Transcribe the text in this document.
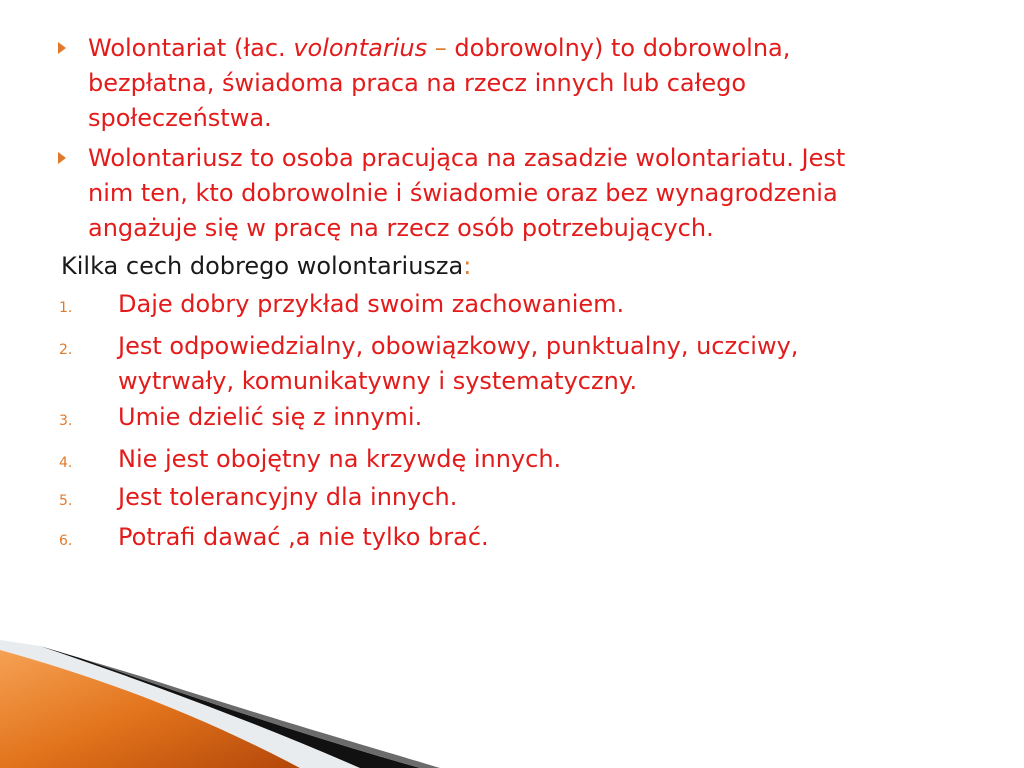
Wolontariat (łac. volontarius – dobrowolny) to dobrowolna,
bezpłatna, świadoma praca na rzecz innych lub całego
społeczeństwa.
Wolontariusz to osoba pracująca na zasadzie wolontariatu. Jest
nim ten, kto dobrowolnie i świadomie oraz bez wynagrodzenia
angażuje się w pracę na rzecz osób potrzebujących.
Kilka cech dobrego wolontariusza:
1. Daje dobry przykład swoim zachowaniem.
2. Jest odpowiedzialny, obowiązkowy, punktualny, uczciwy,
wytrwały, komunikatywny i systematyczny.
3. Umie dzielić się z innymi.
4. Nie jest obojętny na krzywdę innych.
5. Jest tolerancyjny dla innych.
6. Potrafi dawać ,a nie tylko brać.
